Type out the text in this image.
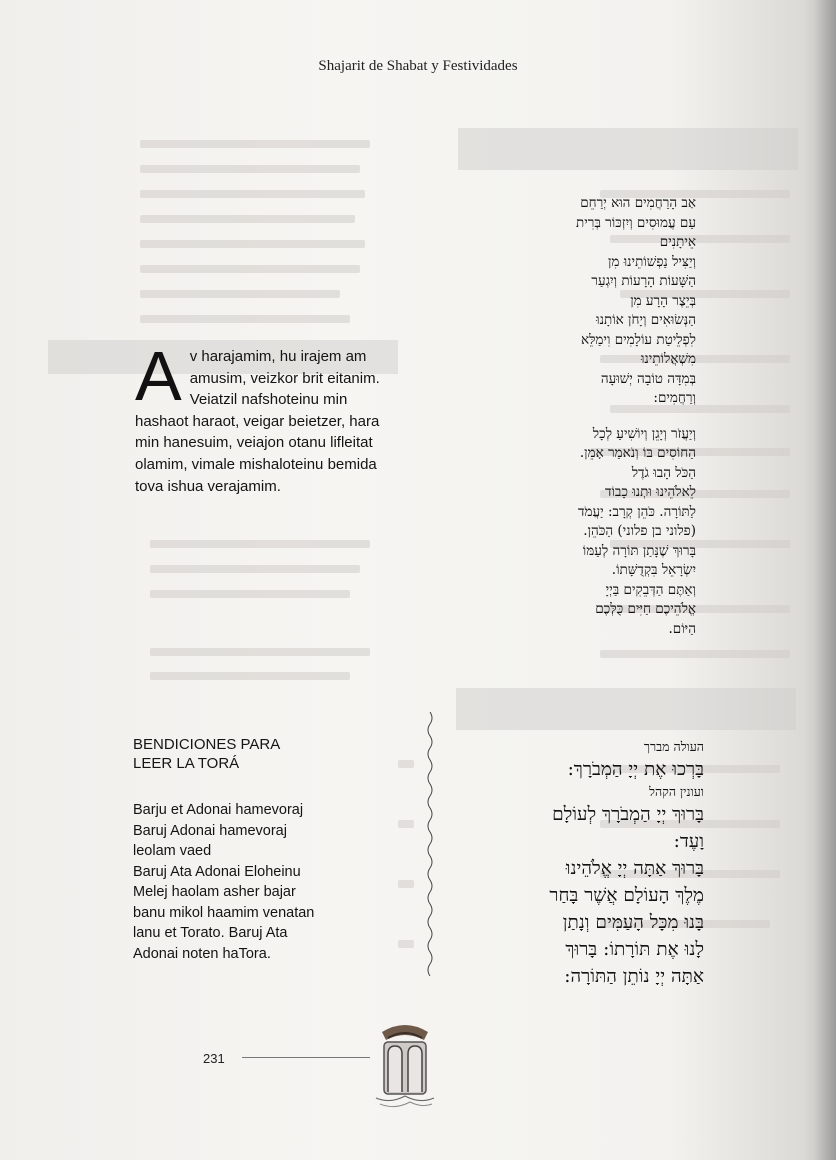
Shajarit de Shabat y Festividades
אַב הָרַחֲמִים הוּא יְרַחֵם
עַם עֲמוּסִים וְיִזְכּוֹר בְּרִית
אֵיתָנִים
וְיַצִּיל נַפְשׁוֹתֵינוּ מִן
הַשָּׁעוֹת הָרָעוֹת וְיִגְעַר
בְּיֵצֶר הָרָע מִן
הַנְּשׂוּאִים וְיָחֹן אוֹתָנוּ
לִפְלֵיטַת עוֹלָמִים וִימַלֵּא
מִשְׁאֲלוֹתֵינוּ
בְּמִדָּה טוֹבָה יְשׁוּעָה
וְרַחֲמִים:
וְיַעֲזֹר וְיָגֵן וְיוֹשִׁיעַ לְכָל
הַחוֹסִים בּוֹ וְנֹאמַר אָמֵן.
הַכֹּל הָבוּ גֹדֶל
לֵאלֹהֵינוּ וּתְנוּ כָבוֹד
לַתּוֹרָה. כֹּהֵן קְרָב: יַעֲמֹד
(פלוני בן פלוני) הַכֹּהֵן.
בָּרוּךְ שֶׁנָּתַן תּוֹרָה לְעַמּוֹ
יִשְׂרָאֵל בִּקְדֻשָּׁתוֹ.
וְאַתֶּם הַדְּבֵקִים בַּיְיָ
אֱלֹהֵיכֶם חַיִּים כֻּלְּכֶם
הַיּוֹם.
Av harajamim, hu irajem am amusim, veizkor brit eitanim. Veiatzil nafshoteinu min hashaot haraot, veigar beietzer, hara min hanesuim, veiajon otanu lifleitat olamim, vimale mishaloteinu bemida tova ishua verajamim.
BENDICIONES PARA
LEER LA TORÁ
Barju et Adonai hamevoraj
Baruj Adonai hamevoraj
leolam vaed
Baruj Ata Adonai Eloheinu
Melej haolam asher bajar
banu mikol haamim venatan
lanu et Torato. Baruj Ata
Adonai noten haTora.
העולה מברך
בָּרְכוּ אֶת יְיָ הַמְבֹרָךְ:
ועונין הקהל
בָּרוּךְ יְיָ הַמְבֹרָךְ לְעוֹלָם
וָעֶד:
בָּרוּךְ אַתָּה יְיָ אֱלֹהֵינוּ
מֶלֶךְ הָעוֹלָם אֲשֶׁר בָּחַר
בָּנוּ מִכָּל הָעַמִּים וְנָתַן
לָנוּ אֶת תּוֹרָתוֹ: בָּרוּךְ
אַתָּה יְיָ נוֹתֵן הַתּוֹרָה:
231
